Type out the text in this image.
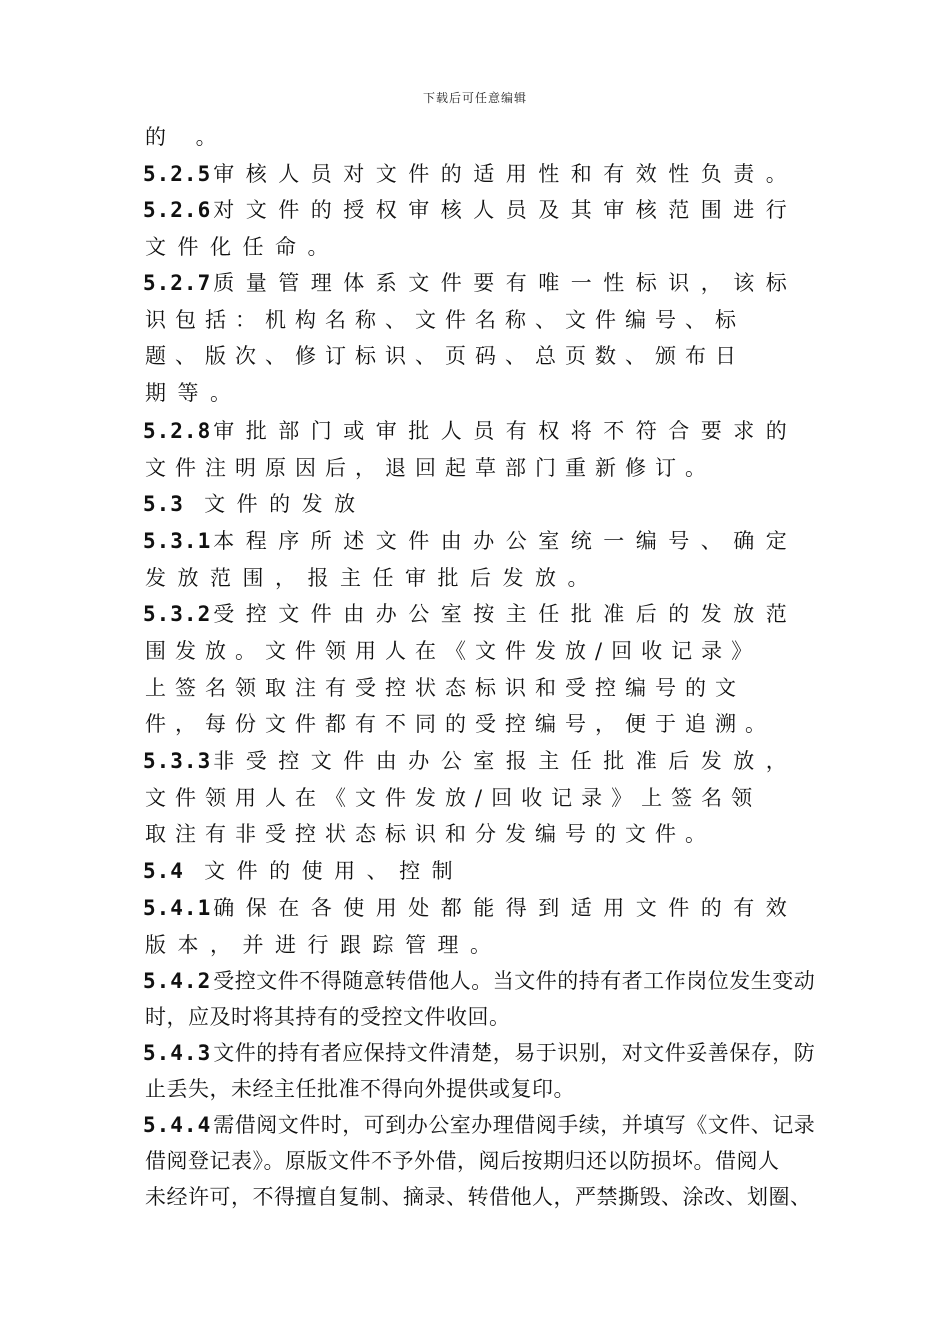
下载后可任意编辑
的 。
5.2.5审核人员对文件的适用性和有效性负责。
5.2.6对文件的授权审核人员及其审核范围进行
文件化任命。
5.2.7质量管理体系文件要有唯一性标识，该标
识包括：机构名称、文件名称、文件编号、标
题、版次、修订标识、页码、总页数、颁布日
期等。
5.2.8审批部门或审批人员有权将不符合要求的
文件注明原因后，退回起草部门重新修订。
5.3 文件的发放
5.3.1本程序所述文件由办公室统一编号、确定
发放范围，报主任审批后发放。
5.3.2受控文件由办公室按主任批准后的发放范
围发放。文件领用人在《文件发放/回收记录》
上签名领取注有受控状态标识和受控编号的文
件，每份文件都有不同的受控编号，便于追溯。
5.3.3非受控文件由办公室报主任批准后发放，
文件领用人在《文件发放/回收记录》上签名领
取注有非受控状态标识和分发编号的文件。
5.4 文件的使用、控制
5.4.1确保在各使用处都能得到适用文件的有效
版本，并进行跟踪管理。
5.4.2受控文件不得随意转借他人。当文件的持有者工作岗位发生变动
时，应及时将其持有的受控文件收回。
5.4.3文件的持有者应保持文件清楚，易于识别，对文件妥善保存，防
止丢失，未经主任批准不得向外提供或复印。
5.4.4需借阅文件时，可到办公室办理借阅手续，并填写《文件、记录
借阅登记表》。原版文件不予外借，阅后按期归还以防损坏。借阅人
未经许可，不得擅自复制、摘录、转借他人，严禁撕毁、涂改、划圈、
